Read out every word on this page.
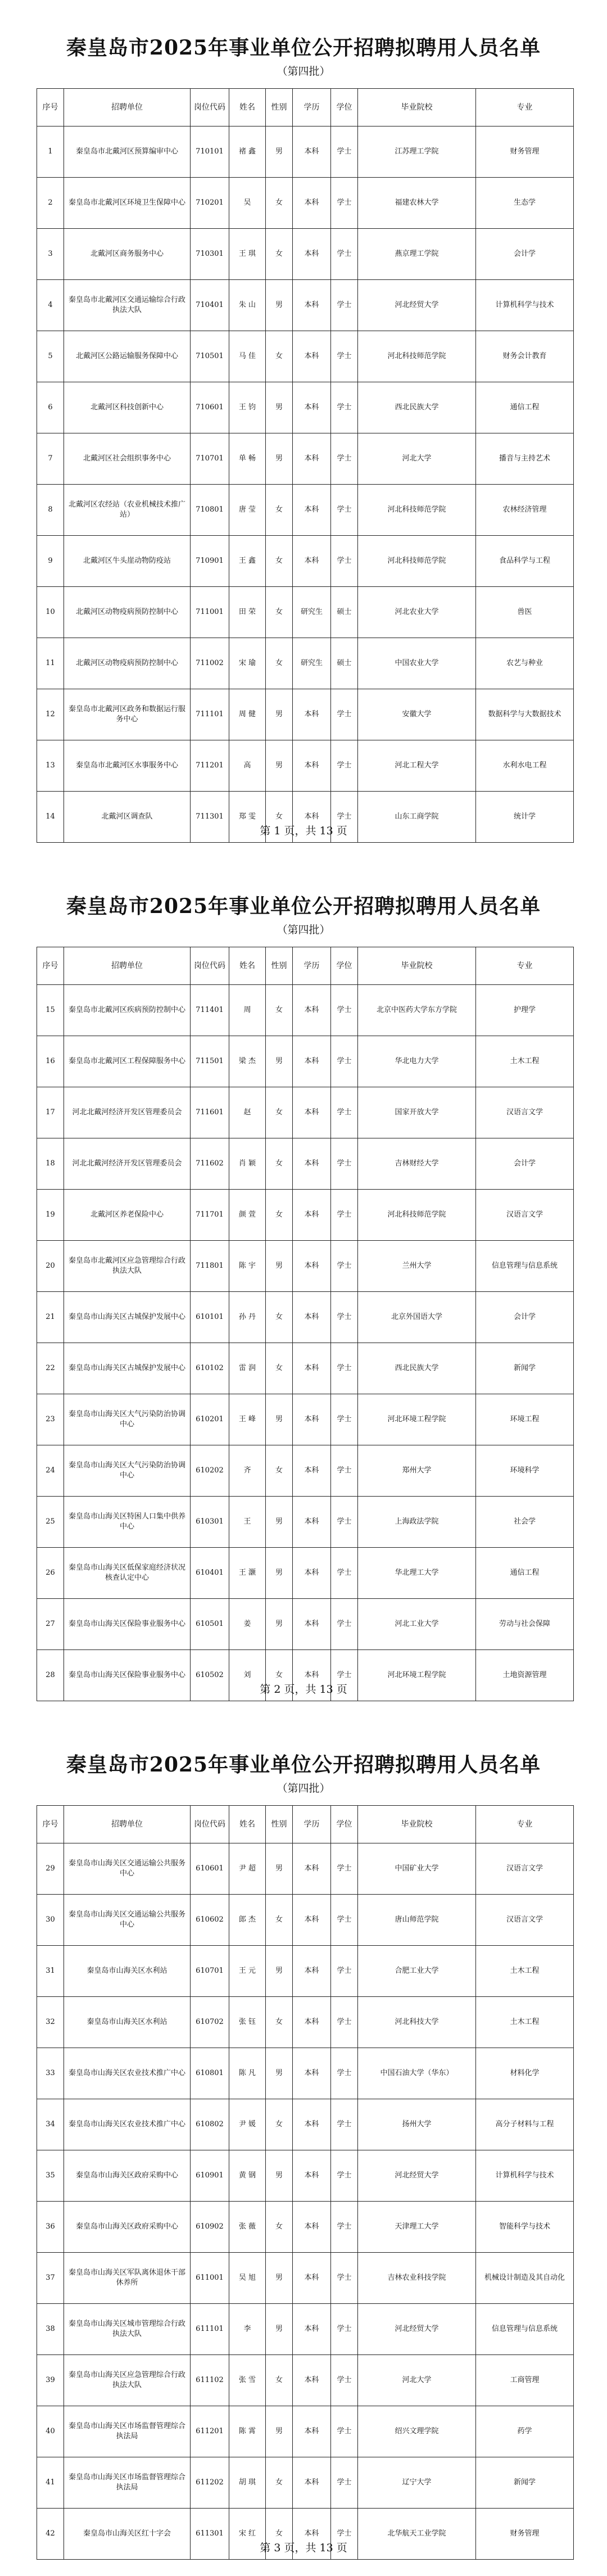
秦皇岛市2025年事业单位公开招聘拟聘用人员名单
（第四批）
序号	招聘单位	岗位代码	姓名	性别	学历	学位	毕业院校	专业
1	秦皇岛市北戴河区预算编审中心	710101	褚 鑫	男	本科	学士	江苏理工学院	财务管理
2	秦皇岛市北戴河区环境卫生保障中心	710201	吴	女	本科	学士	福建农林大学	生态学
3	北戴河区商务服务中心	710301	王 琪	女	本科	学士	燕京理工学院	会计学
4	秦皇岛市北戴河区交通运输综合行政执法大队	710401	朱 山	男	本科	学士	河北经贸大学	计算机科学与技术
5	北戴河区公路运输服务保障中心	710501	马 佳	女	本科	学士	河北科技师范学院	财务会计教育
6	北戴河区科技创新中心	710601	王 钧	男	本科	学士	西北民族大学	通信工程
7	北戴河区社会组织事务中心	710701	单 畅	男	本科	学士	河北大学	播音与主持艺术
8	北戴河区农经站（农业机械技术推广站）	710801	唐 莹	女	本科	学士	河北科技师范学院	农林经济管理
9	北戴河区牛头崖动物防疫站	710901	王 鑫	女	本科	学士	河北科技师范学院	食品科学与工程
10	北戴河区动物疫病预防控制中心	711001	田 荣	女	研究生	硕士	河北农业大学	兽医
11	北戴河区动物疫病预防控制中心	711002	宋 瑜	女	研究生	硕士	中国农业大学	农艺与种业
12	秦皇岛市北戴河区政务和数据运行服务中心	711101	周 健	男	本科	学士	安徽大学	数据科学与大数据技术
13	秦皇岛市北戴河区水事服务中心	711201	高	男	本科	学士	河北工程大学	水利水电工程
14	北戴河区调查队	711301	郑 雯	女	本科	学士	山东工商学院	统计学
第 1 页，共 13 页
秦皇岛市2025年事业单位公开招聘拟聘用人员名单
（第四批）
序号	招聘单位	岗位代码	姓名	性别	学历	学位	毕业院校	专业
15	秦皇岛市北戴河区疾病预防控制中心	711401	周	女	本科	学士	北京中医药大学东方学院	护理学
16	秦皇岛市北戴河区工程保障服务中心	711501	梁 杰	男	本科	学士	华北电力大学	土木工程
17	河北北戴河经济开发区管理委员会	711601	赵	女	本科	学士	国家开放大学	汉语言文学
18	河北北戴河经济开发区管理委员会	711602	肖 颖	女	本科	学士	吉林财经大学	会计学
19	北戴河区养老保险中心	711701	颜 萱	女	本科	学士	河北科技师范学院	汉语言文学
20	秦皇岛市北戴河区应急管理综合行政执法大队	711801	陈 宇	男	本科	学士	兰州大学	信息管理与信息系统
21	秦皇岛市山海关区古城保护发展中心	610101	孙 丹	女	本科	学士	北京外国语大学	会计学
22	秦皇岛市山海关区古城保护发展中心	610102	雷 润	女	本科	学士	西北民族大学	新闻学
23	秦皇岛市山海关区大气污染防治协调中心	610201	王 峰	男	本科	学士	河北环境工程学院	环境工程
24	秦皇岛市山海关区大气污染防治协调中心	610202	齐	女	本科	学士	郑州大学	环境科学
25	秦皇岛市山海关区特困人口集中供养中心	610301	王	男	本科	学士	上海政法学院	社会学
26	秦皇岛市山海关区低保家庭经济状况核查认定中心	610401	王 灏	男	本科	学士	华北理工大学	通信工程
27	秦皇岛市山海关区保险事业服务中心	610501	姜	男	本科	学士	河北工业大学	劳动与社会保障
28	秦皇岛市山海关区保险事业服务中心	610502	刘	女	本科	学士	河北环境工程学院	土地资源管理
第 2 页，共 13 页
秦皇岛市2025年事业单位公开招聘拟聘用人员名单
（第四批）
序号	招聘单位	岗位代码	姓名	性别	学历	学位	毕业院校	专业
29	秦皇岛市山海关区交通运输公共服务中心	610601	尹 超	男	本科	学士	中国矿业大学	汉语言文学
30	秦皇岛市山海关区交通运输公共服务中心	610602	郎 杰	女	本科	学士	唐山师范学院	汉语言文学
31	秦皇岛市山海关区水利站	610701	王 元	男	本科	学士	合肥工业大学	土木工程
32	秦皇岛市山海关区水利站	610702	张 钰	女	本科	学士	河北科技大学	土木工程
33	秦皇岛市山海关区农业技术推广中心	610801	陈 凡	男	本科	学士	中国石油大学（华东）	材料化学
34	秦皇岛市山海关区农业技术推广中心	610802	尹 媛	女	本科	学士	扬州大学	高分子材料与工程
35	秦皇岛市山海关区政府采购中心	610901	黄 钢	男	本科	学士	河北经贸大学	计算机科学与技术
36	秦皇岛市山海关区政府采购中心	610902	张 薇	女	本科	学士	天津理工大学	智能科学与技术
37	秦皇岛市山海关区军队离休退休干部休养所	611001	吴 旭	男	本科	学士	吉林农业科技学院	机械设计制造及其自动化
38	秦皇岛市山海关区城市管理综合行政执法大队	611101	李	男	本科	学士	河北经贸大学	信息管理与信息系统
39	秦皇岛市山海关区应急管理综合行政执法大队	611102	张 雪	女	本科	学士	河北大学	工商管理
40	秦皇岛市山海关区市场监督管理综合执法局	611201	陈 霄	男	本科	学士	绍兴文理学院	药学
41	秦皇岛市山海关区市场监督管理综合执法局	611202	胡 琪	女	本科	学士	辽宁大学	新闻学
42	秦皇岛市山海关区红十字会	611301	宋 红	女	本科	学士	北华航天工业学院	财务管理
第 3 页，共 13 页
